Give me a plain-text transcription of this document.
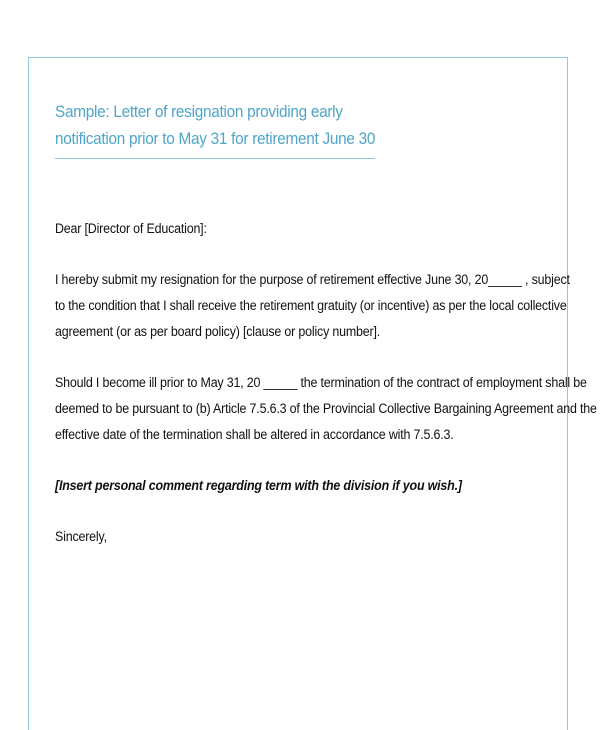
Sample: Letter of resignation providing early
notification prior to May 31 for retirement June 30
Dear [Director of Education]:
I hereby submit my resignation for the purpose of retirement effective June 30, 20_____ , subject
to the condition that I shall receive the retirement gratuity (or incentive) as per the local collective
agreement (or as per board policy) [clause or policy number].
Should I become ill prior to May 31, 20 _____ the termination of the contract of employment shall be
deemed to be pursuant to (b) Article 7.5.6.3 of the Provincial Collective Bargaining Agreement and the
effective date of the termination shall be altered in accordance with 7.5.6.3.
[Insert personal comment regarding term with the division if you wish.]
Sincerely,
